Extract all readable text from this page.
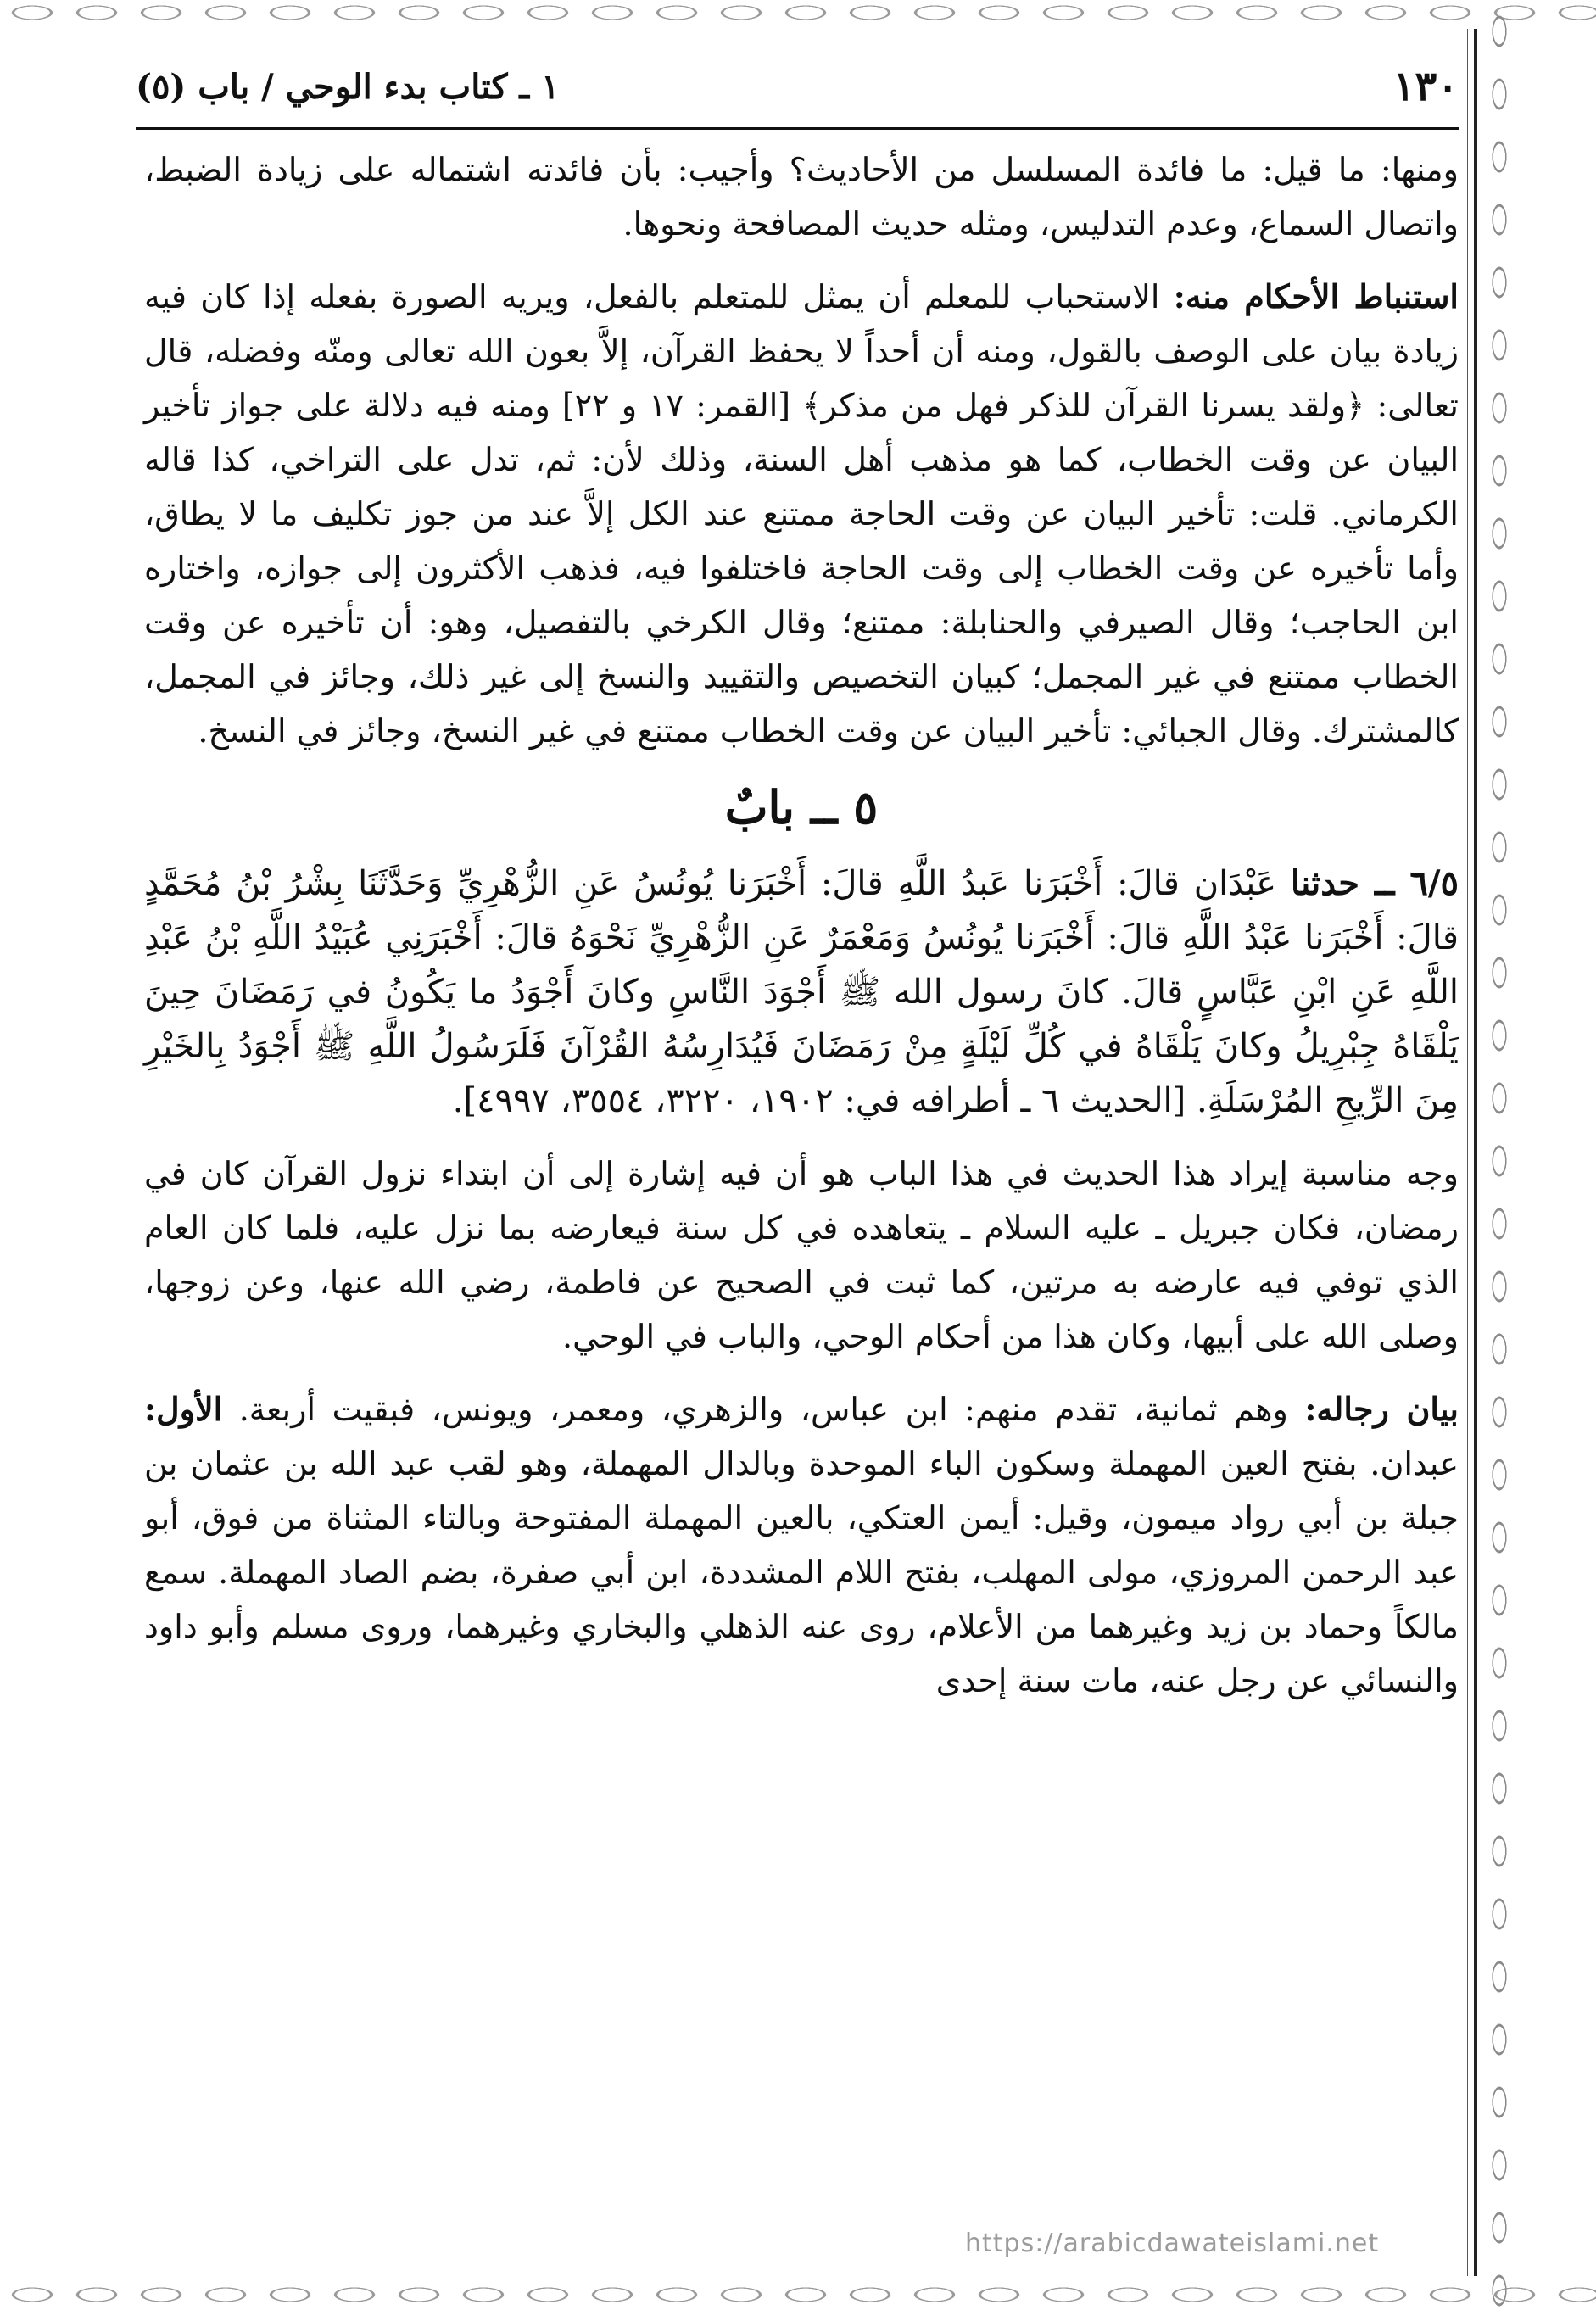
١٣٠
١ ـ كتاب بدء الوحي / باب (٥)

ومنها: ما قيل: ما فائدة المسلسل من الأحاديث؟ وأجيب: بأن فائدته اشتماله على زيادة الضبط، واتصال السماع، وعدم التدليس، ومثله حديث المصافحة ونحوها.

استنباط الأحكام منه: الاستحباب للمعلم أن يمثل للمتعلم بالفعل، ويريه الصورة بفعله إذا كان فيه زيادة بيان على الوصف بالقول، ومنه أن أحداً لا يحفظ القرآن، إلاَّ بعون الله تعالى ومنّه وفضله، قال تعالى: ﴿ولقد يسرنا القرآن للذكر فهل من مذكر﴾ [القمر: ١٧ و ٢٢] ومنه فيه دلالة على جواز تأخير البيان عن وقت الخطاب، كما هو مذهب أهل السنة، وذلك لأن: ثم، تدل على التراخي، كذا قاله الكرماني. قلت: تأخير البيان عن وقت الحاجة ممتنع عند الكل إلاَّ عند من جوز تكليف ما لا يطاق، وأما تأخيره عن وقت الخطاب إلى وقت الحاجة فاختلفوا فيه، فذهب الأكثرون إلى جوازه، واختاره ابن الحاجب؛ وقال الصيرفي والحنابلة: ممتنع؛ وقال الكرخي بالتفصيل، وهو: أن تأخيره عن وقت الخطاب ممتنع في غير المجمل؛ كبيان التخصيص والتقييد والنسخ إلى غير ذلك، وجائز في المجمل، كالمشترك. وقال الجبائي: تأخير البيان عن وقت الخطاب ممتنع في غير النسخ، وجائز في النسخ.

٥ ــ بابٌ

٦/٥ ــ حدثنا عَبْدَان قالَ: أَخْبَرَنا عَبدُ اللَّهِ قالَ: أَخْبَرَنا يُونُسُ عَنِ الزُّهْرِيِّ وَحَدَّثَنَا بِشْرُ بْنُ مُحَمَّدٍ قالَ: أَخْبَرَنا عَبْدُ اللَّهِ قالَ: أَخْبَرَنا يُونُسُ وَمَعْمَرٌ عَنِ الزُّهْرِيِّ نَحْوَهُ قالَ: أَخْبَرَنِي عُبَيْدُ اللَّهِ بْنُ عَبْدِ اللَّهِ عَنِ ابْنِ عَبَّاسٍ قالَ. كانَ رسول الله ﷺ أَجْوَدَ النَّاسِ وكانَ أَجْوَدُ ما يَكُونُ في رَمَضَانَ حِينَ يَلْقَاهُ جِبْرِيلُ وكانَ يَلْقَاهُ في كُلِّ لَيْلَةٍ مِنْ رَمَضَانَ فَيُدَارِسُهُ القُرْآنَ فَلَرَسُولُ اللَّهِ ﷺ أَجْوَدُ بِالخَيْرِ مِنَ الرِّيحِ المُرْسَلَةِ. [الحديث ٦ ـ أطرافه في: ١٩٠٢، ٣٢٢٠، ٣٥٥٤، ٤٩٩٧].

وجه مناسبة إيراد هذا الحديث في هذا الباب هو أن فيه إشارة إلى أن ابتداء نزول القرآن كان في رمضان، فكان جبريل ـ عليه السلام ـ يتعاهده في كل سنة فيعارضه بما نزل عليه، فلما كان العام الذي توفي فيه عارضه به مرتين، كما ثبت في الصحيح عن فاطمة، رضي الله عنها، وعن زوجها، وصلى الله على أبيها، وكان هذا من أحكام الوحي، والباب في الوحي.

بيان رجاله: وهم ثمانية، تقدم منهم: ابن عباس، والزهري، ومعمر، ويونس، فبقيت أربعة. الأول: عبدان. بفتح العين المهملة وسكون الباء الموحدة وبالدال المهملة، وهو لقب عبد الله بن عثمان بن جبلة بن أبي رواد ميمون، وقيل: أيمن العتكي، بالعين المهملة المفتوحة وبالتاء المثناة من فوق، أبو عبد الرحمن المروزي، مولى المهلب، بفتح اللام المشددة، ابن أبي صفرة، بضم الصاد المهملة. سمع مالكاً وحماد بن زيد وغيرهما من الأعلام، روى عنه الذهلي والبخاري وغيرهما، وروى مسلم وأبو داود والنسائي عن رجل عنه، مات سنة إحدى

https://arabicdawateislami.net
